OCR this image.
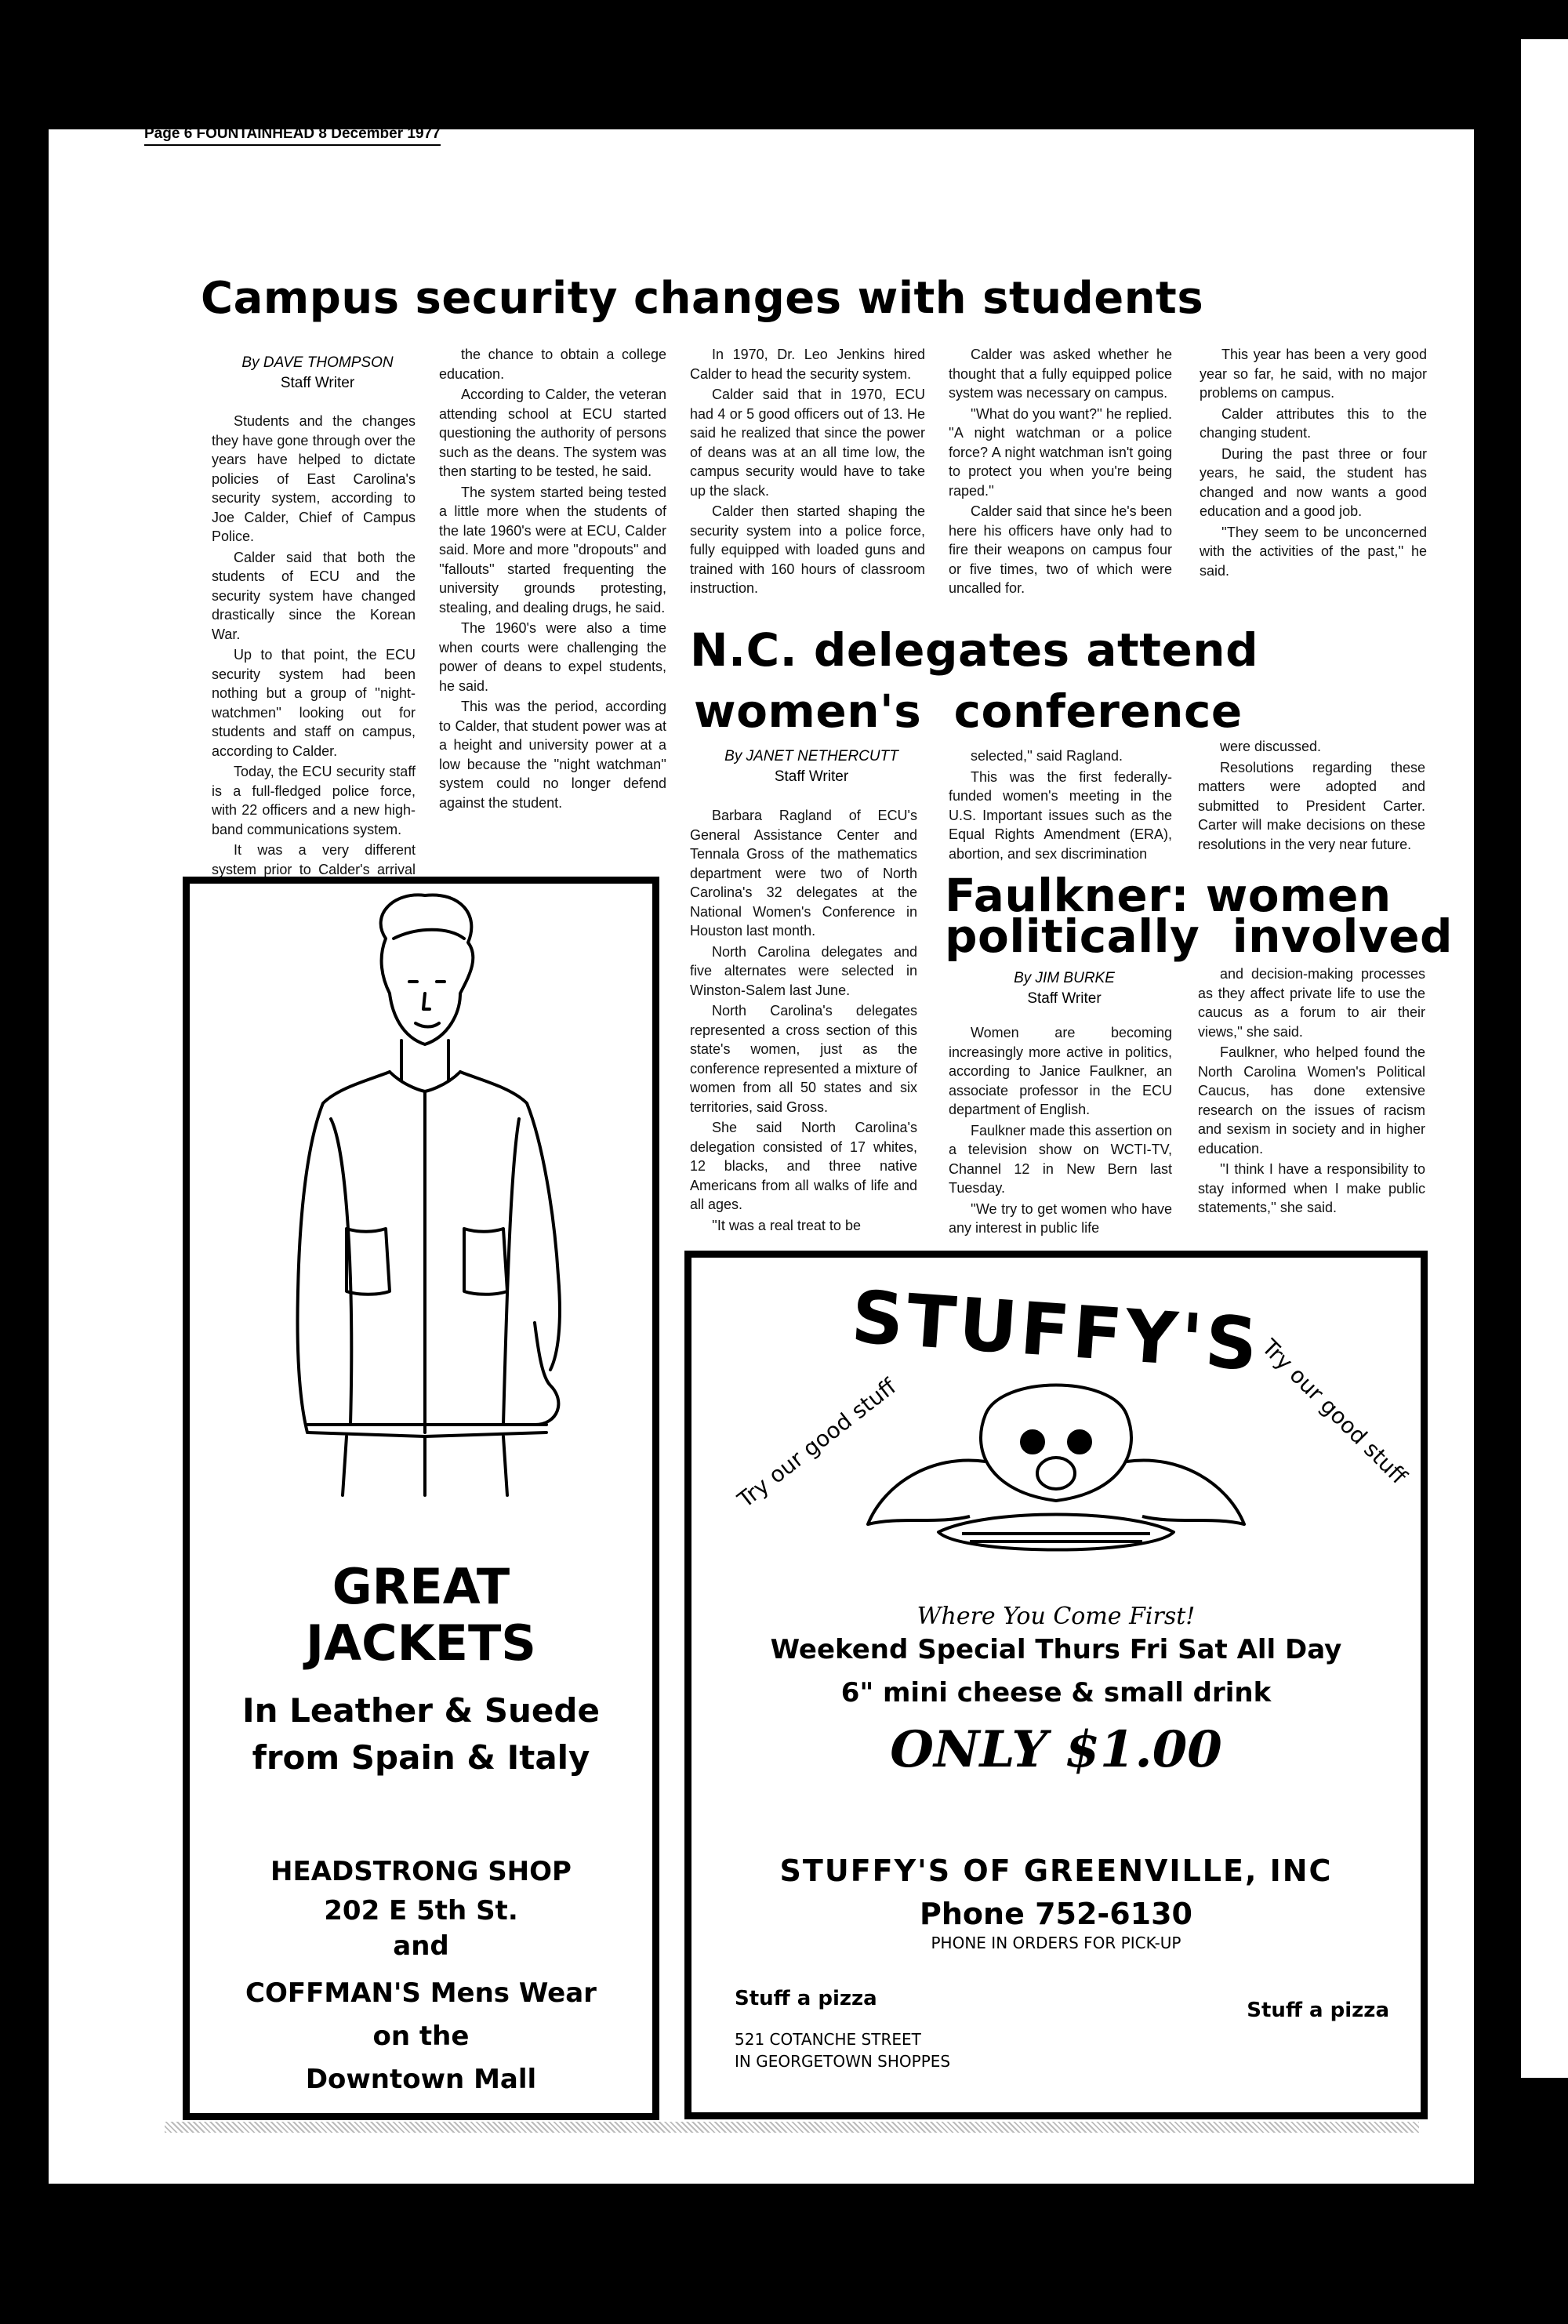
Page 6 FOUNTAINHEAD 8 December 1977
Campus security changes with students
By DAVE THOMPSON
Staff Writer

Students and the changes they have gone through over the years have helped to dictate policies of East Carolina's security system, according to Joe Calder, Chief of Campus Police.

Calder said that both the students of ECU and the security system have changed drastically since the Korean War.

Up to that point, the ECU security system had been nothing but a group of ''night-watchmen'' looking out for students and staff on campus, according to Calder.

Today, the ECU security staff is a full-fledged police force, with 22 officers and a new high-band communications system.

It was a very different system prior to Calder's arrival

the chance to obtain a college education.

According to Calder, the veteran attending school at ECU started questioning the authority of persons such as the deans. The system was then starting to be tested, he said.

The system started being tested a little more when the students of the late 1960's were at ECU, Calder said. More and more ''dropouts'' and ''fallouts'' started frequenting the university grounds protesting, stealing, and dealing drugs, he said.

The 1960's were also a time when courts were challenging the power of deans to expel students, he said.

This was the period, according to Calder, that student power was at a height and university power at a low because the ''night watchman'' system could no longer defend against the student.

In 1970, Dr. Leo Jenkins hired Calder to head the security system.

Calder said that in 1970, ECU had 4 or 5 good officers out of 13. He said he realized that since the power of deans was at an all time low, the campus security would have to take up the slack.

Calder then started shaping the security system into a police force, fully equipped with loaded guns and trained with 160 hours of classroom instruction.

Calder was asked whether he thought that a fully equipped police system was necessary on campus.

''What do you want?'' he replied. ''A night watchman or a police force? A night watchman isn't going to protect you when you're being raped.''

Calder said that since he's been here his officers have only had to fire their weapons on campus four or five times, two of which were uncalled for.

This year has been a very good year so far, he said, with no major problems on campus.

Calder attributes this to the changing student.

During the past three or four years, he said, the student has changed and now wants a good education and a good job.

''They seem to be unconcerned with the activities of the past,'' he said.

N.C. delegates attend
women's  conference
By JANET NETHERCUTT
Staff Writer

Barbara Ragland of ECU's General Assistance Center and Tennala Gross of the mathematics department were two of North Carolina's 32 delegates at the National Women's Conference in Houston last month.

North Carolina delegates and five alternates were selected in Winston-Salem last June.

North Carolina's delegates represented a cross section of this state's women, just as the conference represented a mixture of women from all 50 states and six territories, said Gross.

She said North Carolina's delegation consisted of 17 whites, 12 blacks, and three native Americans from all walks of life and all ages.

''It was a real treat to be

selected,'' said Ragland.

This was the first federally-funded women's meeting in the U.S. Important issues such as the Equal Rights Amendment (ERA), abortion, and sex discrimination

were discussed.

Resolutions regarding these matters were adopted and submitted to President Carter. Carter will make decisions on these resolutions in the very near future.

Faulkner: women
politically  involved
By JIM BURKE
Staff Writer

Women are becoming increasingly more active in politics, according to Janice Faulkner, an associate professor in the ECU department of English.

Faulkner made this assertion on a television show on WCTI-TV, Channel 12 in New Bern last Tuesday.

''We try to get women who have any interest in public life

and decision-making processes as they affect private life to use the caucus as a forum to air their views,'' she said.

Faulkner, who helped found the North Carolina Women's Political Caucus, has done extensive research on the issues of racism and sexism in society and in higher education.

''I think I have a responsibility to stay informed when I make public statements,'' she said.

GREAT
JACKETS
In Leather & Suede
from Spain & Italy
HEADSTRONG SHOP
202 E 5th St.
and
COFFMAN'S Mens Wear
on the
Downtown Mall
STUFFY'S
Try our good stuff	Try our good stuff
Where You Come First!
Weekend Special Thurs Fri Sat All Day
6" mini cheese & small drink
ONLY $1.00
STUFFY'S OF GREENVILLE, INC
Phone 752-6130
PHONE IN ORDERS FOR PICK-UP
Stuff a pizza	Stuff a pizza
521 COTANCHE STREET
IN GEORGETOWN SHOPPES
